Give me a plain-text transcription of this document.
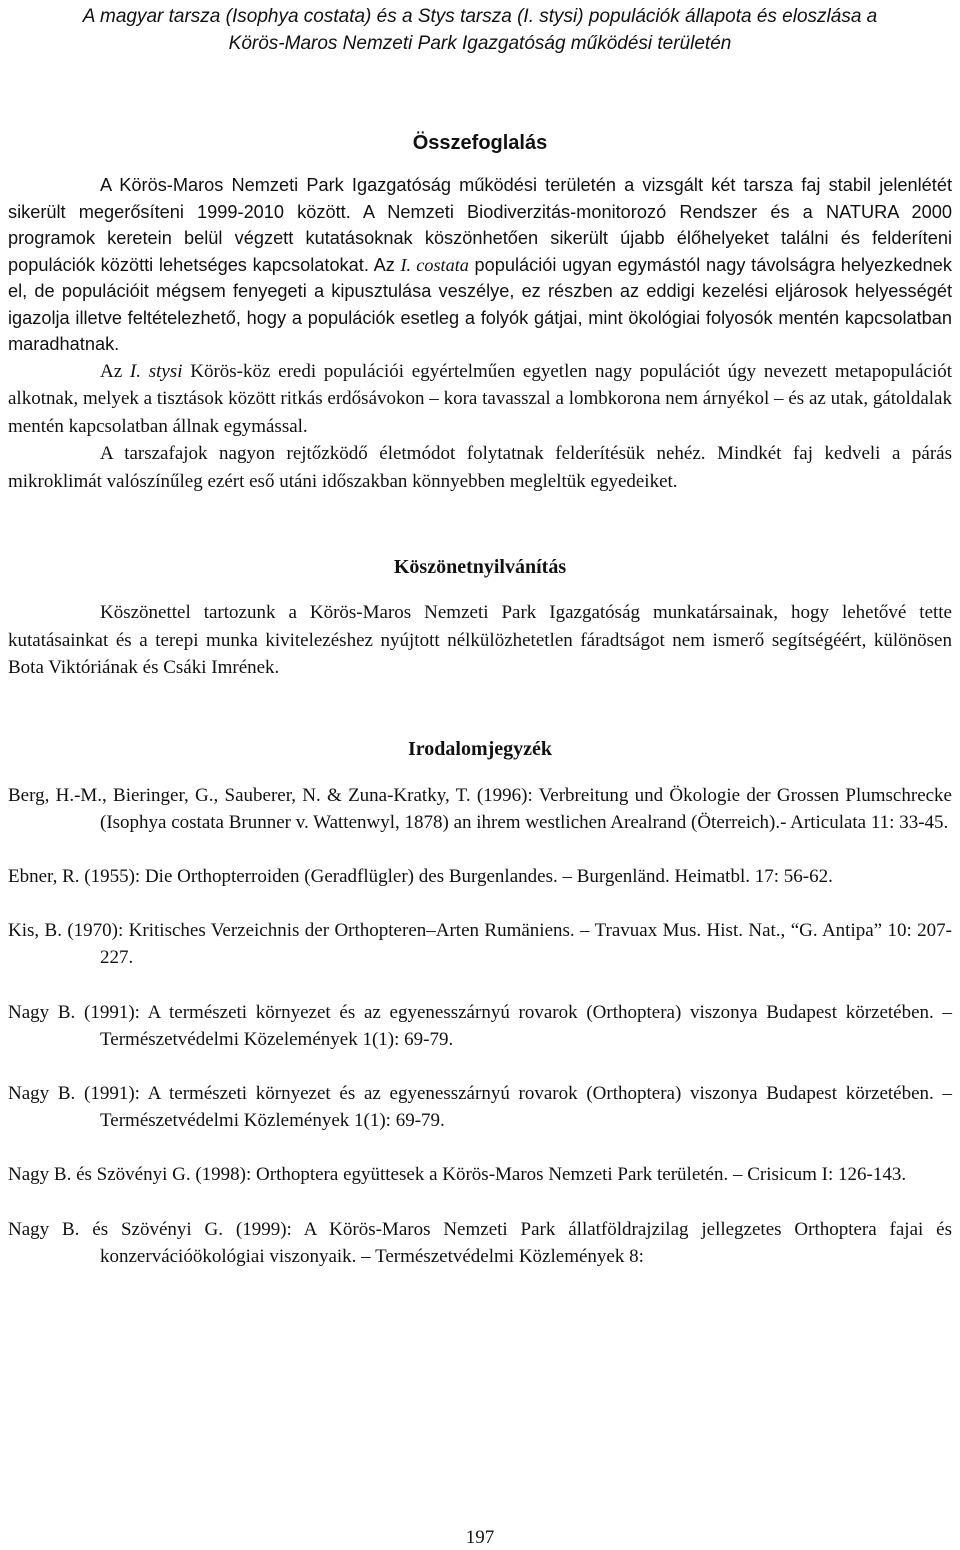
A magyar tarsza (Isophya costata) és a Stys tarsza (I. stysi) populációk állapota és eloszlása a
Körös-Maros Nemzeti Park Igazgatóság működési területén
Összefoglalás

A Körös-Maros Nemzeti Park Igazgatóság működési területén a vizsgált két tarsza faj stabil jelenlétét sikerült megerősíteni 1999-2010 között. A Nemzeti Biodiverzitás-monitorozó Rendszer és a NATURA 2000 programok keretein belül végzett kutatásoknak köszönhetően sikerült újabb élőhelyeket találni és felderíteni populációk közötti lehetséges kapcsolatokat. Az I. costata populációi ugyan egymástól nagy távolságra helyezkednek el, de populációit mégsem fenyegeti a kipusztulása veszélye, ez részben az eddigi kezelési eljárosok helyességét igazolja illetve feltételezhető, hogy a populációk esetleg a folyók gátjai, mint ökológiai folyosók mentén kapcsolatban maradhatnak.

Az I. stysi Körös-köz eredi populációi egyértelműen egyetlen nagy populációt úgy nevezett metapopulációt alkotnak, melyek a tisztások között ritkás erdősávokon – kora tavasszal a lombkorona nem árnyékol – és az utak, gátoldalak mentén kapcsolatban állnak egymással.

A tarszafajok nagyon rejtőzködő életmódot folytatnak felderítésük nehéz. Mindkét faj kedveli a párás mikroklimát valószínűleg ezért eső utáni időszakban könnyebben megleltük egyedeiket.

Köszönetnyilvánítás

Köszönettel tartozunk a Körös-Maros Nemzeti Park Igazgatóság munkatársainak, hogy lehetővé tette kutatásainkat és a terepi munka kivitelezéshez nyújtott nélkülözhetetlen fáradtságot nem ismerő segítségéért, különösen Bota Viktóriának és Csáki Imrének.

Irodalomjegyzék

Berg, H.-M., Bieringer, G., Sauberer, N. & Zuna-Kratky, T. (1996): Verbreitung und Ökologie der Grossen Plumschrecke (Isophya costata Brunner v. Wattenwyl, 1878) an ihrem westlichen Arealrand (Öterreich).- Articulata 11: 33-45.

Ebner, R. (1955): Die Orthopterroiden (Geradflügler) des Burgenlandes. – Burgenländ. Heimatbl. 17: 56-62.

Kis, B. (1970): Kritisches Verzeichnis der Orthopteren–Arten Rumäniens. – Travuax Mus. Hist. Nat., “G. Antipa” 10: 207-227.

Nagy B. (1991): A természeti környezet és az egyenesszárnyú rovarok (Orthoptera) viszonya Budapest körzetében. – Természetvédelmi Közelemények 1(1): 69-79.

Nagy B. (1991): A természeti környezet és az egyenesszárnyú rovarok (Orthoptera) viszonya Budapest körzetében. – Természetvédelmi Közlemények 1(1): 69-79.

Nagy B. és Szövényi G. (1998): Orthoptera együttesek a Körös-Maros Nemzeti Park területén. – Crisicum I: 126-143.

Nagy B. és Szövényi G. (1999): A Körös-Maros Nemzeti Park állatföldrajzilag jellegzetes Orthoptera fajai és konzervációökológiai viszonyaik. – Természetvédelmi Közlemények 8:

197
